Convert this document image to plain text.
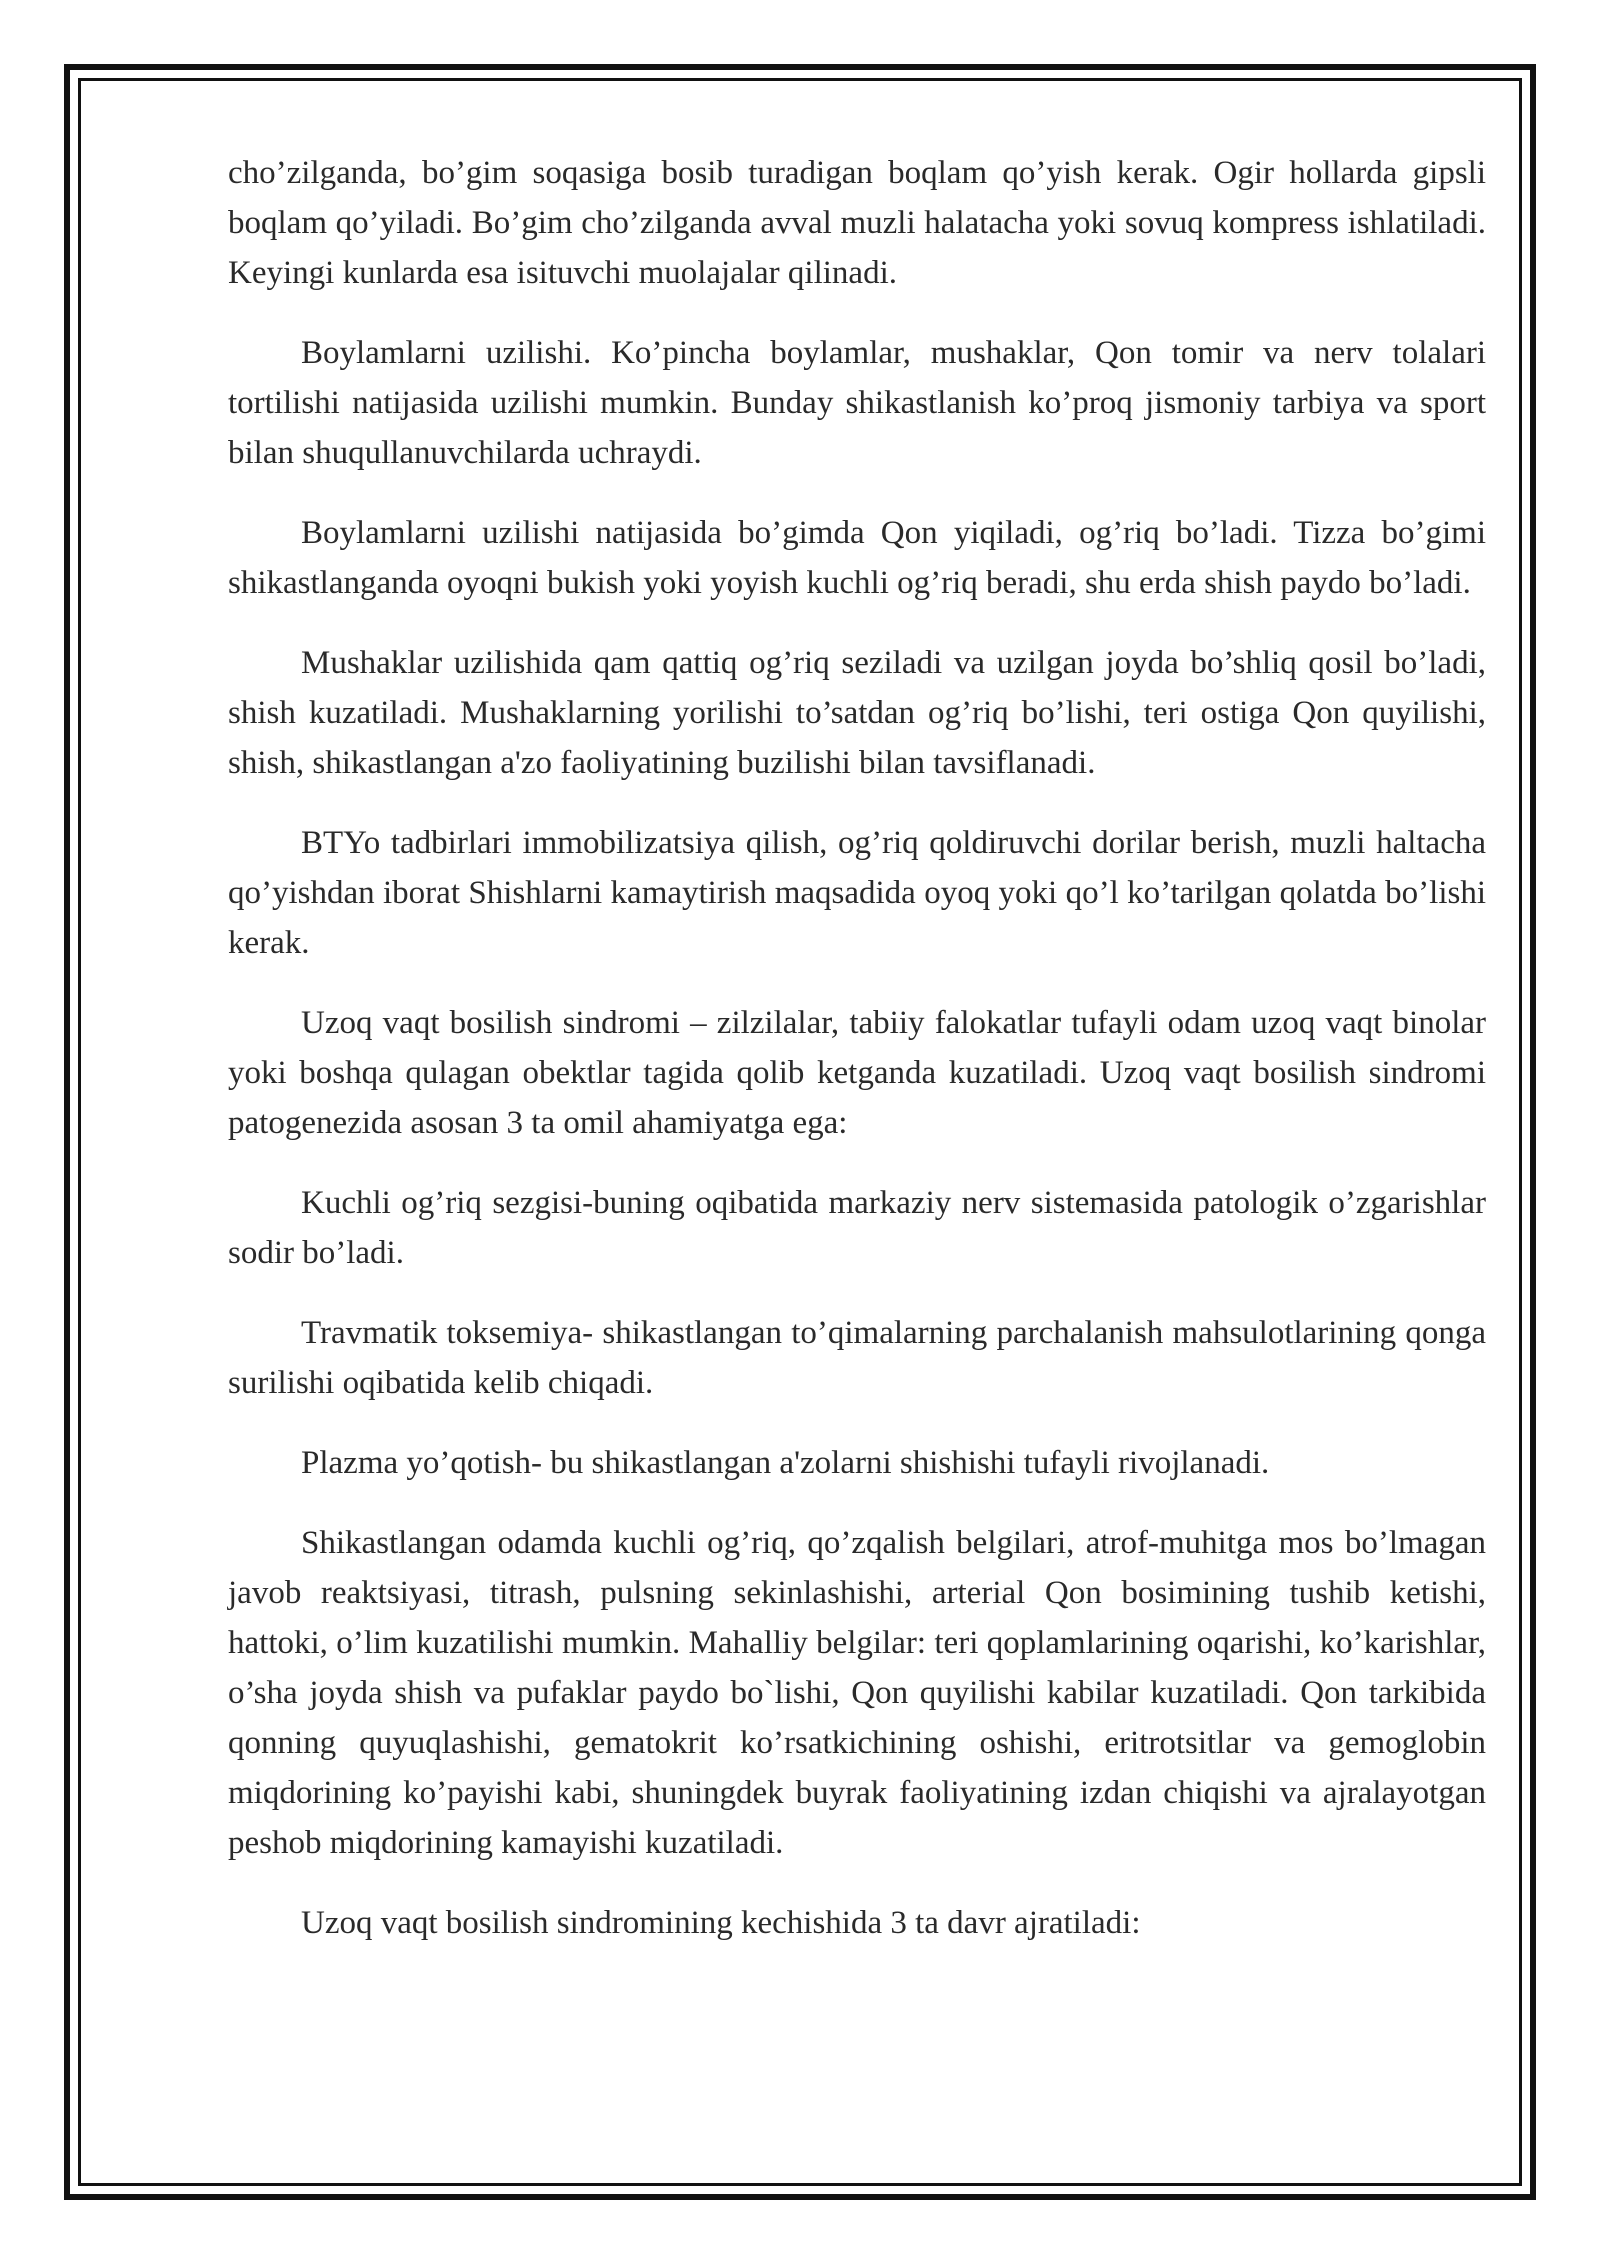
cho’zilganda, bo’gim soqasiga bosib turadigan boqlam qo’yish kerak. Ogir hollarda gipsli boqlam qo’yiladi. Bo’gim cho’zilganda avval muzli halatacha yoki sovuq kompress ishlatiladi. Keyingi kunlarda esa isituvchi muolajalar qilinadi.

Boylamlarni uzilishi. Ko’pincha boylamlar, mushaklar, Qon tomir va nerv tolalari tortilishi natijasida uzilishi mumkin. Bunday shikastlanish ko’proq jismoniy tarbiya va sport bilan shuqullanuvchilarda uchraydi.

Boylamlarni uzilishi natijasida bo’gimda Qon yiqiladi, og’riq bo’ladi. Tizza bo’gimi shikastlanganda oyoqni bukish yoki yoyish kuchli og’riq beradi, shu erda shish paydo bo’ladi.

Mushaklar uzilishida qam qattiq og’riq seziladi va uzilgan joyda bo’shliq qosil bo’ladi, shish kuzatiladi. Mushaklarning yorilishi to’satdan og’riq bo’lishi, teri ostiga Qon quyilishi, shish, shikastlangan a'zo faoliyatining buzilishi bilan tavsiflanadi.

BTYo tadbirlari immobilizatsiya qilish, og’riq qoldiruvchi dorilar berish, muzli haltacha qo’yishdan iborat Shishlarni kamaytirish maqsadida oyoq yoki qo’l ko’tarilgan qolatda bo’lishi kerak.

Uzoq vaqt bosilish sindromi – zilzilalar, tabiiy falokatlar tufayli odam uzoq vaqt binolar yoki boshqa qulagan obektlar tagida qolib ketganda kuzatiladi. Uzoq vaqt bosilish sindromi patogenezida asosan 3 ta omil ahamiyatga ega:

Kuchli og’riq sezgisi-buning oqibatida markaziy nerv sistemasida patologik o’zgarishlar sodir bo’ladi.

Travmatik toksemiya- shikastlangan to’qimalarning parchalanish mahsulotlarining qonga surilishi oqibatida kelib chiqadi.

Plazma yo’qotish- bu shikastlangan a'zolarni shishishi tufayli rivojlanadi.

Shikastlangan odamda kuchli og’riq, qo’zqalish belgilari, atrof-muhitga mos bo’lmagan javob reaktsiyasi, titrash, pulsning sekinlashishi, arterial Qon bosimining tushib ketishi, hattoki, o’lim kuzatilishi mumkin. Mahalliy belgilar: teri qoplamlarining oqarishi, ko’karishlar, o’sha joyda shish va pufaklar paydo bo`lishi, Qon quyilishi kabilar kuzatiladi. Qon tarkibida qonning quyuqlashishi, gematokrit ko’rsatkichining oshishi, eritrotsitlar va gemoglobin miqdorining ko’payishi kabi, shuningdek buyrak faoliyatining izdan chiqishi va ajralayotgan peshob miqdorining kamayishi kuzatiladi.

Uzoq vaqt bosilish sindromining kechishida 3 ta davr ajratiladi:
